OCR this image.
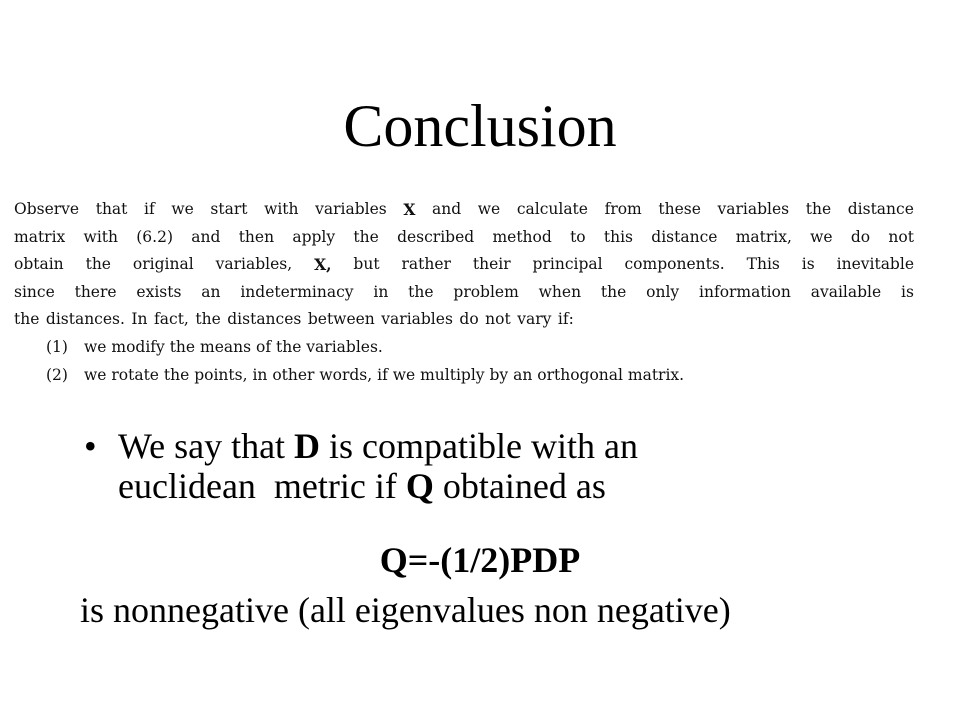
Conclusion
Observe that if we start with variables X and we calculate from these variables the distance
matrix with (6.2) and then apply the described method to this distance matrix, we do not
obtain the original variables, X, but rather their principal components. This is inevitable
since there exists an indeterminacy in the problem when the only information available is
the distances. In fact, the distances between variables do not vary if:
(1) we modify the means of the variables.
(2) we rotate the points, in other words, if we multiply by an orthogonal matrix.
• We say that D is compatible with an
euclidean  metric if Q obtained as
Q=-(1/2)PDP
is nonnegative (all eigenvalues non negative)
